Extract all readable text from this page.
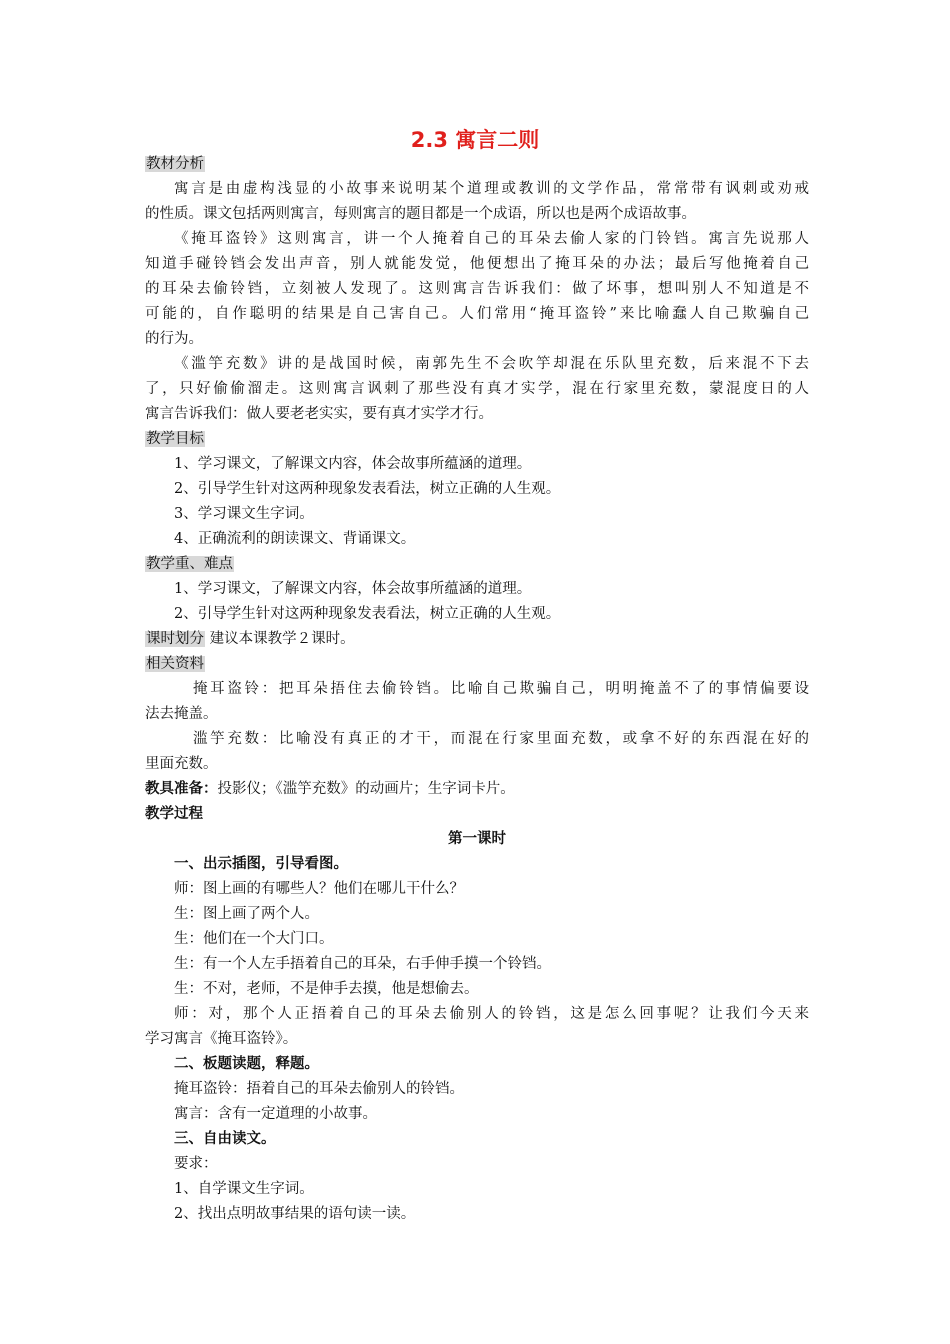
2.3 寓言二则
教材分析
寓言是由虚构浅显的小故事来说明某个道理或教训的文学作品，常常带有讽刺或劝戒
的性质。课文包括两则寓言，每则寓言的题目都是一个成语，所以也是两个成语故事。
《掩耳盗铃》这则寓言，讲一个人掩着自己的耳朵去偷人家的门铃铛。寓言先说那人
知道手碰铃铛会发出声音，别人就能发觉，他便想出了掩耳朵的办法；最后写他掩着自己
的耳朵去偷铃铛，立刻被人发现了。这则寓言告诉我们：做了坏事，想叫别人不知道是不
可能的，自作聪明的结果是自己害自己。人们常用“掩耳盗铃”来比喻蠢人自己欺骗自己
的行为。
《滥竽充数》讲的是战国时候，南郭先生不会吹竽却混在乐队里充数，后来混不下去
了，只好偷偷溜走。这则寓言讽刺了那些没有真才实学，混在行家里充数，蒙混度日的人
寓言告诉我们：做人要老老实实，要有真才实学才行。
教学目标
1、学习课文，了解课文内容，体会故事所蕴涵的道理。
2、引导学生针对这两种现象发表看法，树立正确的人生观。
3、学习课文生字词。
4、正确流利的朗读课文、背诵课文。
教学重、难点
1、学习课文，了解课文内容，体会故事所蕴涵的道理。
2、引导学生针对这两种现象发表看法，树立正确的人生观。
课时划分 建议本课教学２课时。
相关资料
掩耳盗铃：把耳朵捂住去偷铃铛。比喻自己欺骗自己，明明掩盖不了的事情偏要设
法去掩盖。
滥竽充数：比喻没有真正的才干，而混在行家里面充数，或拿不好的东西混在好的
里面充数。
教具准备：投影仪；《滥竽充数》的动画片；生字词卡片。
教学过程
第一课时
一、出示插图，引导看图。
师：图上画的有哪些人？他们在哪儿干什么？
生：图上画了两个人。
生：他们在一个大门口。
生：有一个人左手捂着自己的耳朵，右手伸手摸一个铃铛。
生：不对，老师，不是伸手去摸，他是想偷去。
师：对，那个人正捂着自己的耳朵去偷别人的铃铛，这是怎么回事呢？让我们今天来
学习寓言《掩耳盗铃》。
二、板题读题，释题。
掩耳盗铃：捂着自己的耳朵去偷别人的铃铛。
寓言：含有一定道理的小故事。
三、自由读文。
要求：
1、自学课文生字词。
2、找出点明故事结果的语句读一读。
